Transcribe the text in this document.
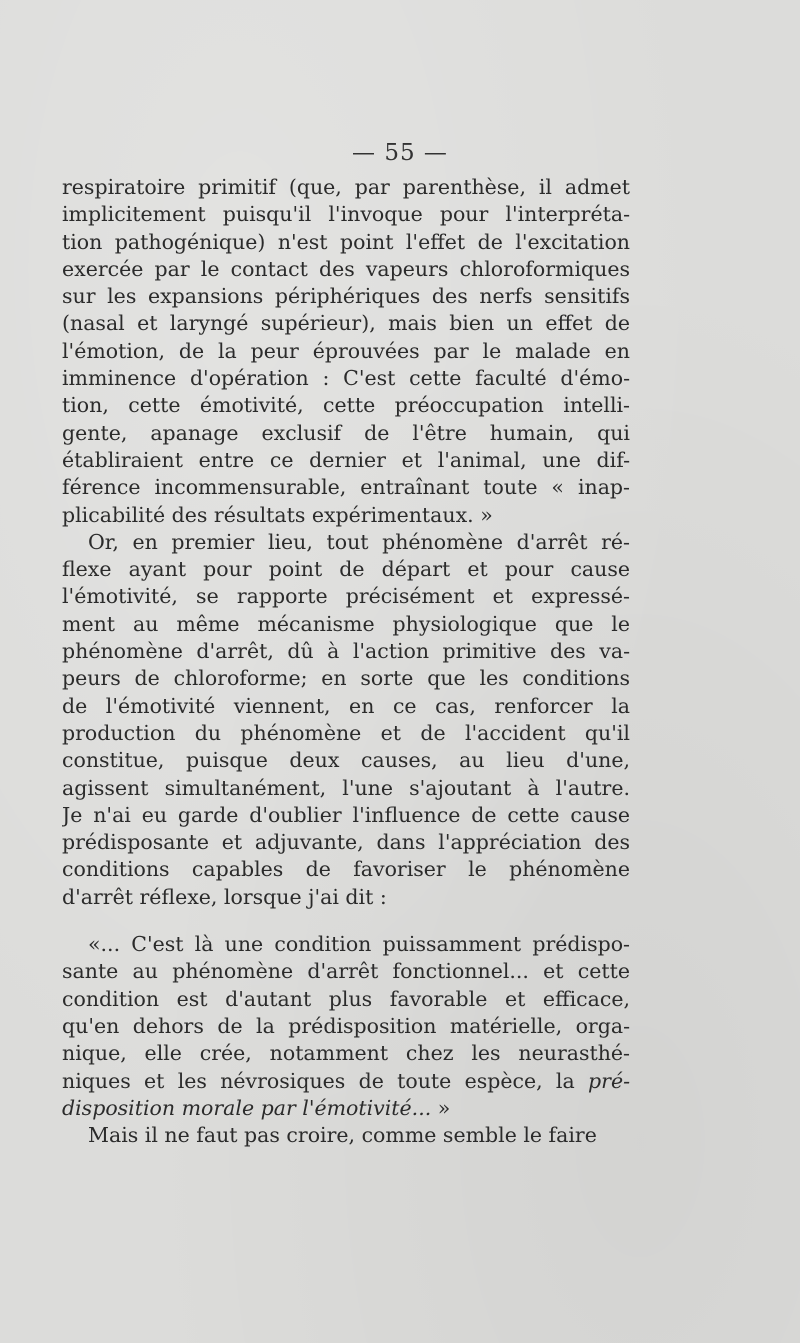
— 55 —
respiratoire primitif (que, par parenthèse, il admet
implicitement puisqu'il l'invoque pour l'interpréta-
tion pathogénique) n'est point l'effet de l'excitation
exercée par le contact des vapeurs chloroformiques
sur les expansions périphériques des nerfs sensitifs
(nasal et laryngé supérieur), mais bien un effet de
l'émotion, de la peur éprouvées par le malade en
imminence d'opération : C'est cette faculté d'émo-
tion, cette émotivité, cette préoccupation intelli-
gente, apanage exclusif de l'être humain, qui
établiraient entre ce dernier et l'animal, une dif-
férence incommensurable, entraînant toute « inap-
plicabilité des résultats expérimentaux. »
Or, en premier lieu, tout phénomène d'arrêt ré-
flexe ayant pour point de départ et pour cause
l'émotivité, se rapporte précisément et expressé-
ment au même mécanisme physiologique que le
phénomène d'arrêt, dû à l'action primitive des va-
peurs de chloroforme; en sorte que les conditions
de l'émotivité viennent, en ce cas, renforcer la
production du phénomène et de l'accident qu'il
constitue, puisque deux causes, au lieu d'une,
agissent simultanément, l'une s'ajoutant à l'autre.
Je n'ai eu garde d'oublier l'influence de cette cause
prédisposante et adjuvante, dans l'appréciation des
conditions capables de favoriser le phénomène
d'arrêt réflexe, lorsque j'ai dit :
«... C'est là une condition puissamment prédispo-
sante au phénomène d'arrêt fonctionnel... et cette
condition est d'autant plus favorable et efficace,
qu'en dehors de la prédisposition matérielle, orga-
nique, elle crée, notamment chez les neurasthé-
niques et les névrosiques de toute espèce, la pré-
disposition morale par l'émotivité... »
Mais il ne faut pas croire, comme semble le faire
